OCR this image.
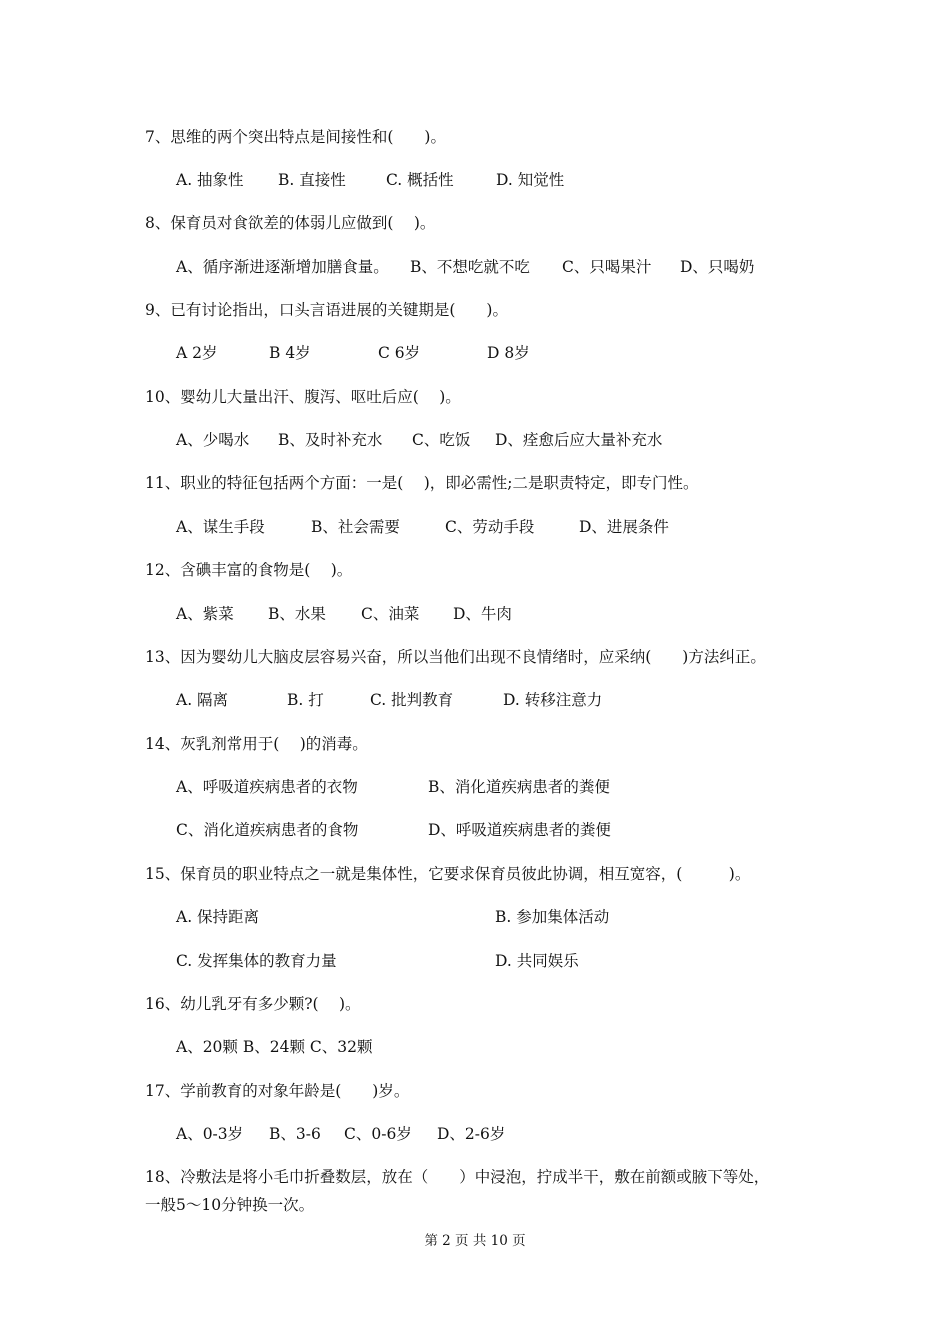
7、思维的两个突出特点是间接性和(　　)。
A. 抽象性 B. 直接性	C. 概括性	D. 知觉性
8、保育员对食欲差的体弱儿应做到(　 )。
A、循序渐进逐渐增加膳食量。 B、不想吃就不吃 C、只喝果汁 D、只喝奶
9、已有讨论指出，口头言语进展的关键期是(　　)。
A 2岁	B 4岁	C 6岁	D 8岁
10、婴幼儿大量出汗、腹泻、呕吐后应(　 )。
A、少喝水 B、及时补充水 C、吃饭 D、痊愈后应大量补充水
11、职业的特征包括两个方面：一是(　 )，即必需性;二是职责特定，即专门性。
A、谋生手段	B、社会需要	C、劳动手段	D、进展条件
12、含碘丰富的食物是(　 )。
A、紫菜 B、水果 C、油菜 D、牛肉
13、因为婴幼儿大脑皮层容易兴奋，所以当他们出现不良情绪时，应采纳(　　)方法纠正。
A. 隔离	B. 打	C. 批判教育	D. 转移注意力
14、灰乳剂常用于(　 )的消毒。
A、呼吸道疾病患者的衣物	B、消化道疾病患者的粪便
C、消化道疾病患者的食物	D、呼吸道疾病患者的粪便
15、保育员的职业特点之一就是集体性，它要求保育员彼此协调，相互宽容，(　　　)。
A. 保持距离	B. 参加集体活动
C. 发挥集体的教育力量	D. 共同娱乐
16、幼儿乳牙有多少颗?(　 )。
A、20颗 B、24颗 C、32颗
17、学前教育的对象年龄是(　　)岁。
A、0-3岁 B、3-6 C、0-6岁 D、2-6岁
18、冷敷法是将小毛巾折叠数层，放在（　　）中浸泡，拧成半干，敷在前额或腋下等处，
一般5～10分钟换一次。
第 2 页 共 10 页
